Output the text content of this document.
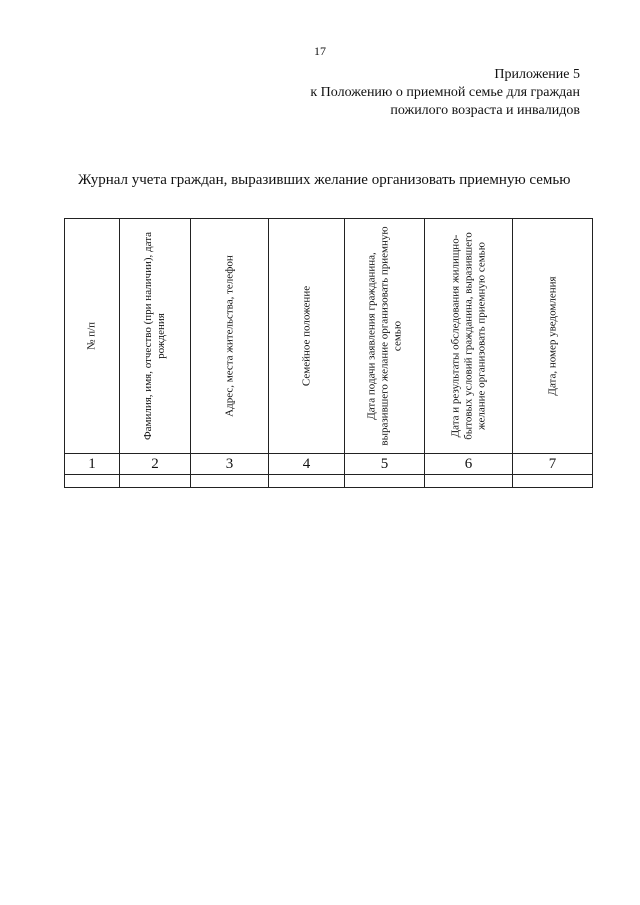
17
Приложение 5
к Положению о приемной семье для граждан
пожилого возраста и инвалидов
Журнал учета граждан, выразивших желание организовать приемную семью
№ п/п	Фамилия, имя, отчество (при наличии), дата рождения	Адрес, места жительства, телефон	Семейное положение	Дата подачи заявления гражданина, выразившего желание организовать приемную семью	Дата и результаты обследования жилищно-бытовых условий гражданина, выразившего желание организовать приемную семью	Дата, номер уведомления

1	2	3	4	5	6	7
